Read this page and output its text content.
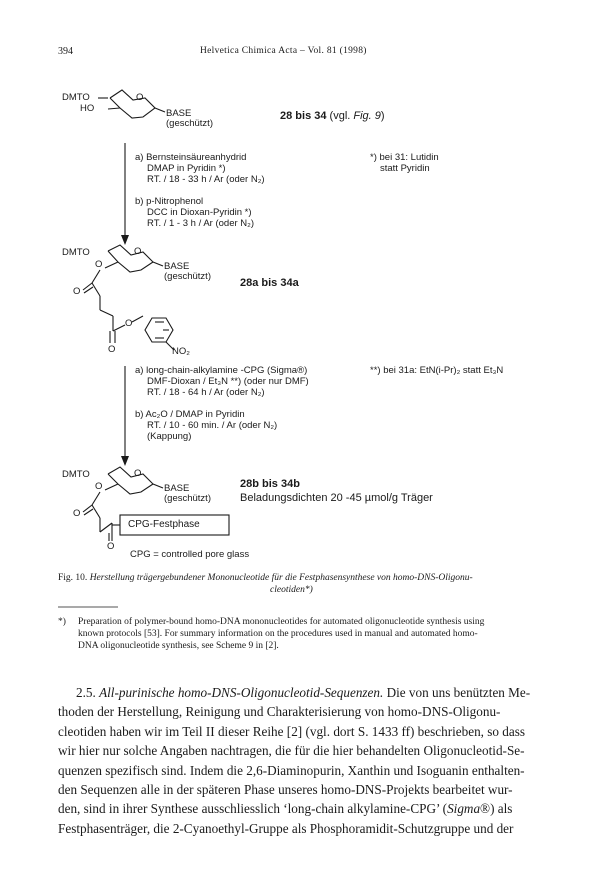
394	Helvetica Chimica Acta – Vol. 81 (1998)
DMTO
HO
O
BASE
(geschützt)
28 bis 34 (vgl. Fig. 9)
a) Bernsteinsäureanhydrid
DMAP in Pyridin *)
RT. / 18 - 33 h / Ar (oder N₂)
b) p-Nitrophenol
DCC in Dioxan-Pyridin *)
RT. / 1 - 3 h / Ar (oder N₂)
*) bei 31: Lutidin
statt Pyridin
DMTO
O
O
BASE
(geschützt)
28a bis 34a
O
O
O	NO₂
a) long-chain-alkylamine -CPG (Sigma®)
DMF-Dioxan / Et₃N **) (oder nur DMF)
RT. / 18 - 64 h / Ar (oder N₂)
b) Ac₂O / DMAP in Pyridin
RT. / 10 - 60 min. / Ar (oder N₂)
(Kappung)
**) bei 31a: EtN(i-Pr)₂ statt Et₃N
DMTO
O
O
BASE
(geschützt)
28b bis 34b
Beladungsdichten 20 -45 µmol/g Träger
O
CPG-Festphase
O
CPG = controlled pore glass
Fig. 10. Herstellung trägergebundener Mononucleotide für die Festphasensynthese von homo-DNS-Oligonu-
cleotiden*)
*) Preparation of polymer-bound homo-DNA mononucleotides for automated oligonucleotide synthesis using
known protocols [53]. For summary information on the procedures used in manual and automated homo-
DNA oligonucleotide synthesis, see Scheme 9 in [2].
2.5. All-purinische homo-DNS-Oligonucleotid-Sequenzen. Die von uns benützten Me-
thoden der Herstellung, Reinigung und Charakterisierung von homo-DNS-Oligonu-
cleotiden haben wir im Teil II dieser Reihe [2] (vgl. dort S. 1433 ff) beschrieben, so dass
wir hier nur solche Angaben nachtragen, die für die hier behandelten Oligonucleotid-Se-
quenzen spezifisch sind. Indem die 2,6-Diaminopurin, Xanthin und Isoguanin enthalten-
den Sequenzen alle in der späteren Phase unseres homo-DNS-Projekts bearbeitet wur-
den, sind in ihrer Synthese ausschliesslich ‘long-chain alkylamine-CPG’ (Sigma®) als
Festphasenträger, die 2-Cyanoethyl-Gruppe als Phosphoramidit-Schutzgruppe und der
